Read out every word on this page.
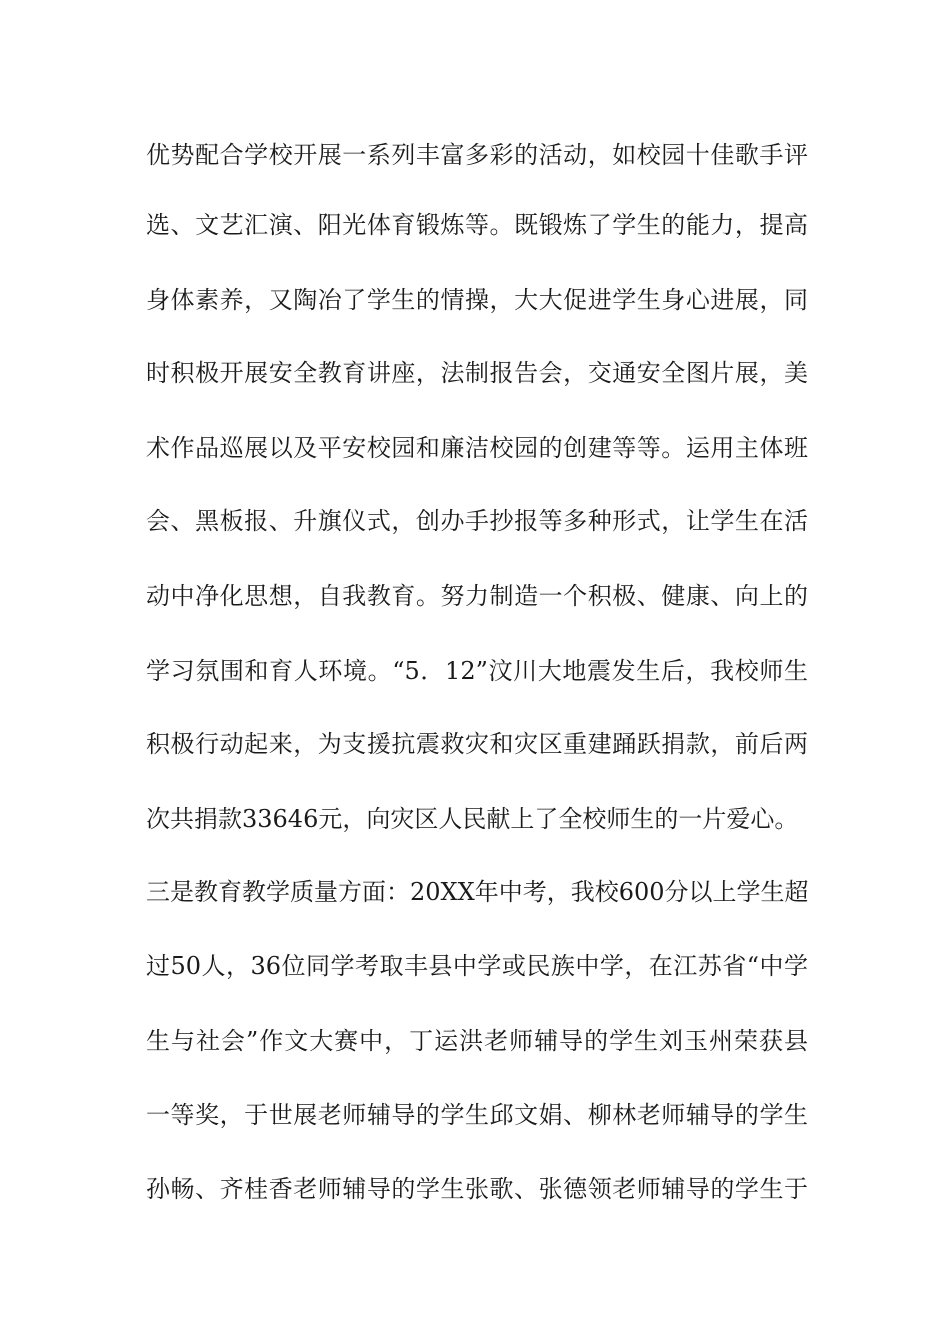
优势配合学校开展一系列丰富多彩的活动，如校园十佳歌手评
选、文艺汇演、阳光体育锻炼等。既锻炼了学生的能力，提高
身体素养，又陶冶了学生的情操，大大促进学生身心进展，同
时积极开展安全教育讲座，法制报告会，交通安全图片展，美
术作品巡展以及平安校园和廉洁校园的创建等等。运用主体班
会、黑板报、升旗仪式，创办手抄报等多种形式，让学生在活
动中净化思想，自我教育。努力制造一个积极、健康、向上的
学习氛围和育人环境。“5．12”汶川大地震发生后，我校师生
积极行动起来，为支援抗震救灾和灾区重建踊跃捐款，前后两
次共捐款33646元，向灾区人民献上了全校师生的一片爱心。
三是教育教学质量方面：20XX年中考，我校600分以上学生超
过50人，36位同学考取丰县中学或民族中学，在江苏省“中学
生与社会”作文大赛中，丁运洪老师辅导的学生刘玉州荣获县
一等奖，于世展老师辅导的学生邱文娟、柳林老师辅导的学生
孙畅、齐桂香老师辅导的学生张歌、张德领老师辅导的学生于
